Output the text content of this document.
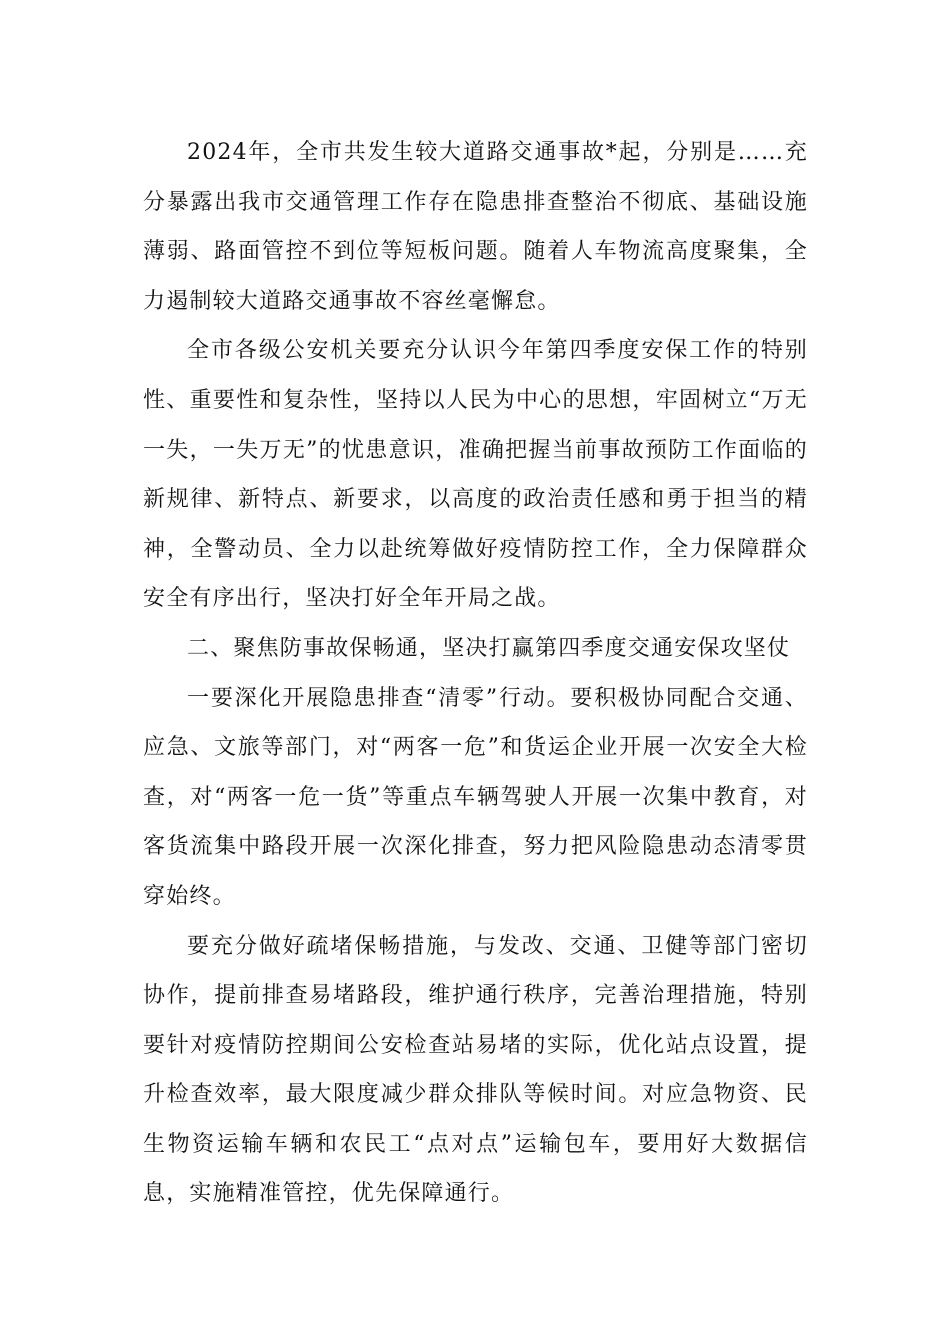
2024年，全市共发生较大道路交通事故*起，分别是……充分暴露出我市交通管理工作存在隐患排查整治不彻底、基础设施薄弱、路面管控不到位等短板问题。随着人车物流高度聚集，全力遏制较大道路交通事故不容丝毫懈怠。

全市各级公安机关要充分认识今年第四季度安保工作的特别性、重要性和复杂性，坚持以人民为中心的思想，牢固树立“万无一失，一失万无”的忧患意识，准确把握当前事故预防工作面临的新规律、新特点、新要求，以高度的政治责任感和勇于担当的精神，全警动员、全力以赴统筹做好疫情防控工作，全力保障群众安全有序出行，坚决打好全年开局之战。

二、聚焦防事故保畅通，坚决打赢第四季度交通安保攻坚仗

一要深化开展隐患排查“清零”行动。要积极协同配合交通、应急、文旅等部门，对“两客一危”和货运企业开展一次安全大检查，对“两客一危一货”等重点车辆驾驶人开展一次集中教育，对客货流集中路段开展一次深化排查，努力把风险隐患动态清零贯穿始终。

要充分做好疏堵保畅措施，与发改、交通、卫健等部门密切协作，提前排查易堵路段，维护通行秩序，完善治理措施，特别要针对疫情防控期间公安检查站易堵的实际，优化站点设置，提升检查效率，最大限度减少群众排队等候时间。对应急物资、民生物资运输车辆和农民工“点对点”运输包车，要用好大数据信息，实施精准管控，优先保障通行。
